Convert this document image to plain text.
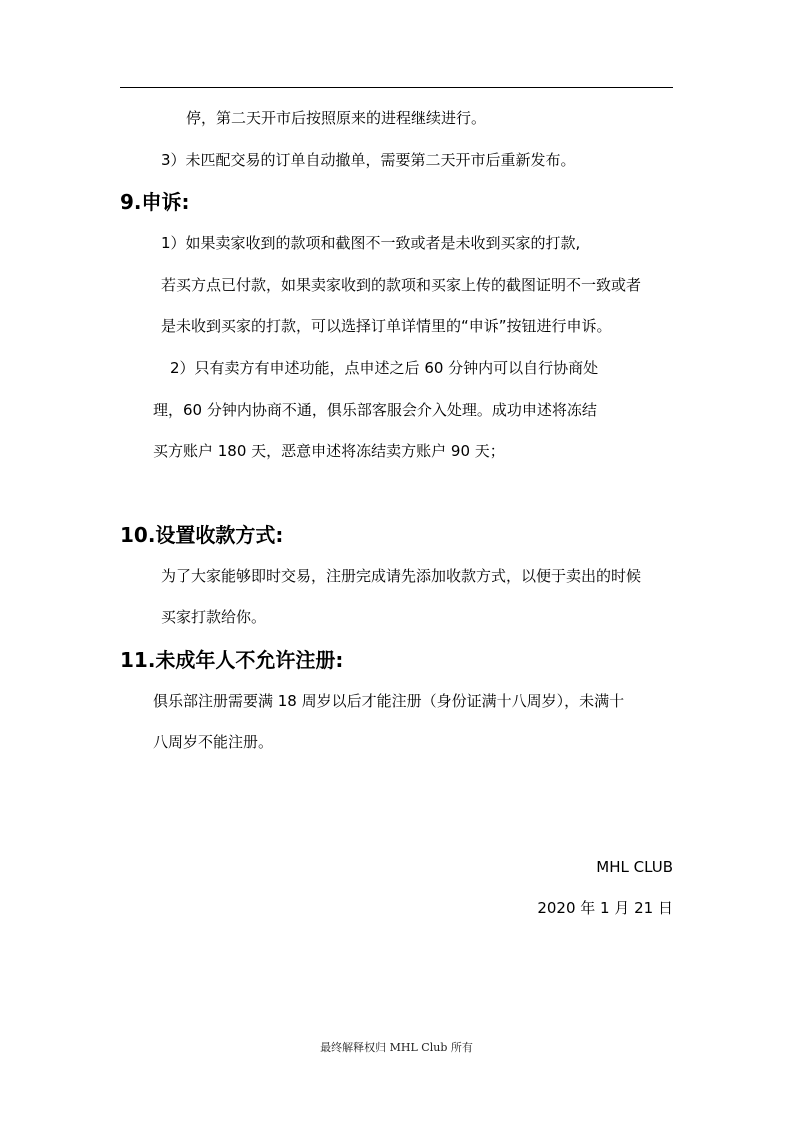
停，第二天开市后按照原来的进程继续进行。
3）未匹配交易的订单自动撤单，需要第二天开市后重新发布。
9.申诉:
1）如果卖家收到的款项和截图不一致或者是未收到买家的打款,
若买方点已付款，如果卖家收到的款项和买家上传的截图证明不一致或者
是未收到买家的打款，可以选择订单详情里的“申诉”按钮进行申诉。
2）只有卖方有申述功能，点申述之后 60 分钟内可以自行协商处
理，60 分钟内协商不通，俱乐部客服会介入处理。成功申述将冻结
买方账户 180 天，恶意申述将冻结卖方账户 90 天；
10.设置收款方式:
为了大家能够即时交易，注册完成请先添加收款方式，以便于卖出的时候
买家打款给你。
11.未成年人不允许注册:
俱乐部注册需要满 18 周岁以后才能注册（身份证满十八周岁），未满十
八周岁不能注册。
MHL CLUB
2020 年 1 月 21 日
最终解释权归 MHL Club 所有
